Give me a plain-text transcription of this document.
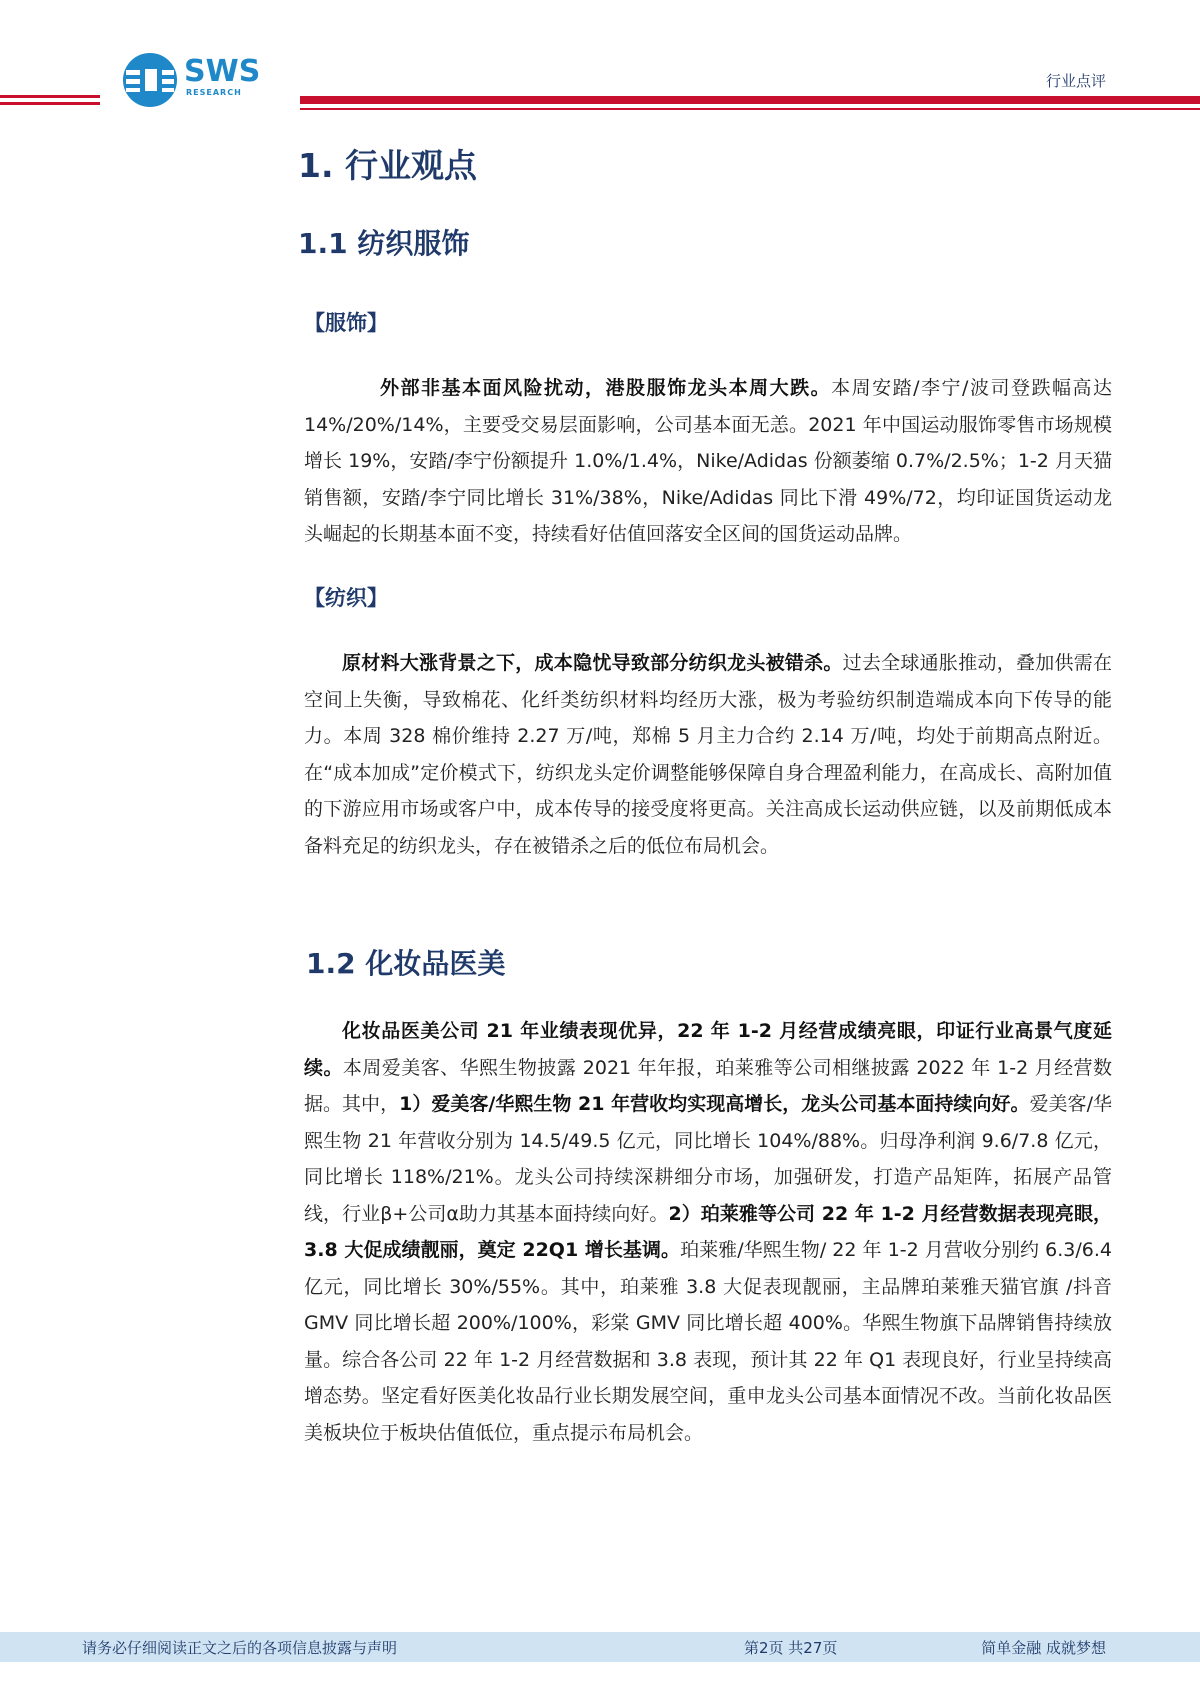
SWS
RESEARCH
行业点评
1. 行业观点
1.1 纺织服饰
【服饰】

外部非基本面风险扰动，港股服饰龙头本周大跌。本周安踏/李宁/波司登跌幅高达14%/20%/14%，主要受交易层面影响，公司基本面无恙。2021 年中国运动服饰零售市场规模增长 19%，安踏/李宁份额提升 1.0%/1.4%，Nike/Adidas 份额萎缩 0.7%/2.5%；1-2 月天猫销售额，安踏/李宁同比增长 31%/38%，Nike/Adidas 同比下滑 49%/72，均印证国货运动龙头崛起的长期基本面不变，持续看好估值回落安全区间的国货运动品牌。

【纺织】

原材料大涨背景之下，成本隐忧导致部分纺织龙头被错杀。过去全球通胀推动，叠加供需在空间上失衡，导致棉花、化纤类纺织材料均经历大涨，极为考验纺织制造端成本向下传导的能力。本周 328 棉价维持 2.27 万/吨，郑棉 5 月主力合约 2.14 万/吨，均处于前期高点附近。在“成本加成”定价模式下，纺织龙头定价调整能够保障自身合理盈利能力，在高成长、高附加值的下游应用市场或客户中，成本传导的接受度将更高。关注高成长运动供应链，以及前期低成本备料充足的纺织龙头，存在被错杀之后的低位布局机会。

1.2 化妆品医美

化妆品医美公司 21 年业绩表现优异，22 年 1-2 月经营成绩亮眼，印证行业高景气度延续。本周爱美客、华熙生物披露 2021 年年报，珀莱雅等公司相继披露 2022 年 1-2 月经营数据。其中，1）爱美客/华熙生物 21 年营收均实现高增长，龙头公司基本面持续向好。爱美客/华熙生物 21 年营收分别为 14.5/49.5 亿元，同比增长 104%/88%。归母净利润 9.6/7.8 亿元，同比增长 118%/21%。龙头公司持续深耕细分市场，加强研发，打造产品矩阵，拓展产品管线，行业β+公司α助力其基本面持续向好。2）珀莱雅等公司 22 年 1-2 月经营数据表现亮眼，3.8 大促成绩靓丽，奠定 22Q1 增长基调。珀莱雅/华熙生物/ 22 年 1-2 月营收分别约 6.3/6.4 亿元，同比增长 30%/55%。其中，珀莱雅 3.8 大促表现靓丽，主品牌珀莱雅天猫官旗 /抖音 GMV 同比增长超 200%/100%，彩棠 GMV 同比增长超 400%。华熙生物旗下品牌销售持续放量。综合各公司 22 年 1-2 月经营数据和 3.8 表现，预计其 22 年 Q1 表现良好，行业呈持续高增态势。坚定看好医美化妆品行业长期发展空间，重申龙头公司基本面情况不改。当前化妆品医美板块位于板块估值低位，重点提示布局机会。

请务必仔细阅读正文之后的各项信息披露与声明	第2页 共27页	简单金融 成就梦想
